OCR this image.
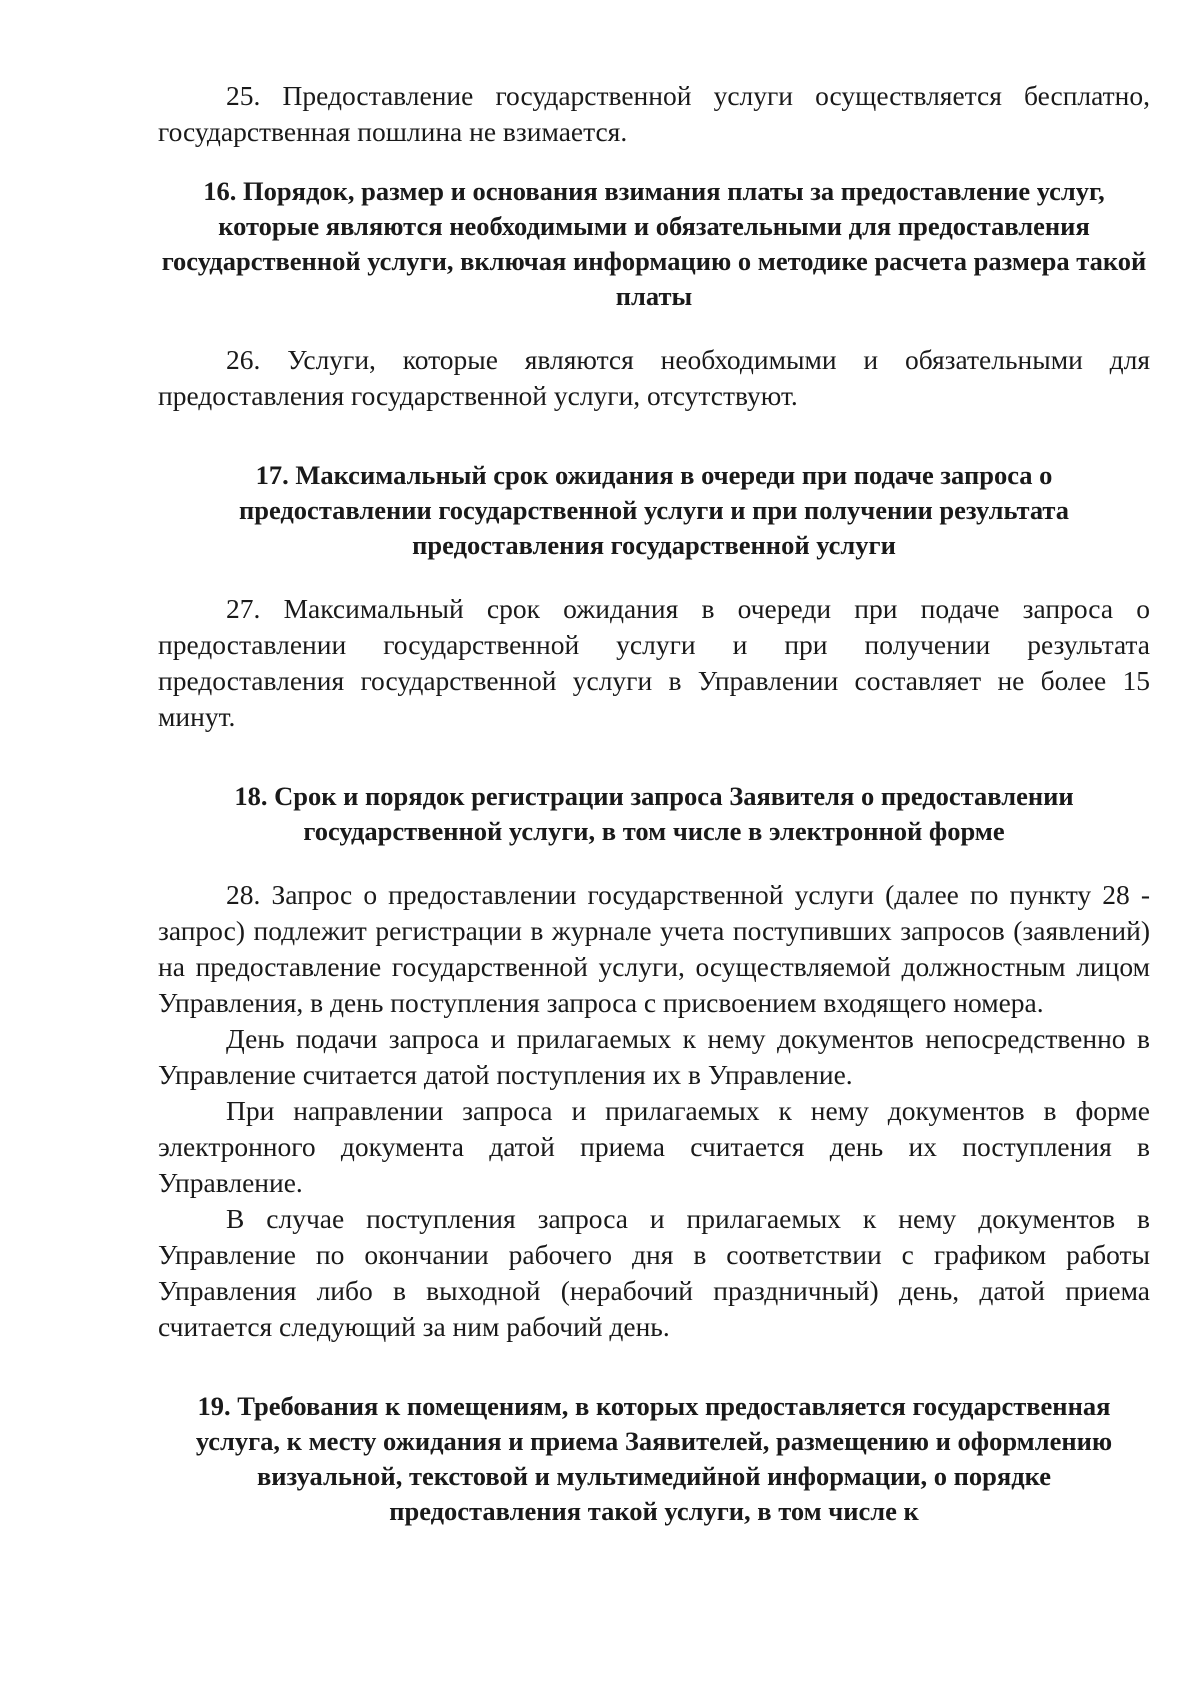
25. Предоставление государственной услуги осуществляется бесплатно, государственная пошлина не взимается.

16. Порядок, размер и основания взимания платы за предоставление услуг, которые являются необходимыми и обязательными для предоставления государственной услуги, включая информацию о методике расчета размера такой платы

26. Услуги, которые являются необходимыми и обязательными для предоставления государственной услуги, отсутствуют.

17. Максимальный срок ожидания в очереди при подаче запроса о предоставлении государственной услуги и при получении результата предоставления государственной услуги

27. Максимальный срок ожидания в очереди при подаче запроса о предоставлении государственной услуги и при получении результата предоставления государственной услуги в Управлении составляет не более 15 минут.

18. Срок и порядок регистрации запроса Заявителя о предоставлении государственной услуги, в том числе в электронной форме

28. Запрос о предоставлении государственной услуги (далее по пункту 28 - запрос) подлежит регистрации в журнале учета поступивших запросов (заявлений) на предоставление государственной услуги, осуществляемой должностным лицом Управления, в день поступления запроса с присвоением входящего номера.

День подачи запроса и прилагаемых к нему документов непосредственно в Управление считается датой поступления их в Управление.

При направлении запроса и прилагаемых к нему документов в форме электронного документа датой приема считается день их поступления в Управление.

В случае поступления запроса и прилагаемых к нему документов в Управление по окончании рабочего дня в соответствии с графиком работы Управления либо в выходной (нерабочий праздничный) день, датой приема считается следующий за ним рабочий день.

19. Требования к помещениям, в которых предоставляется государственная услуга, к месту ожидания и приема Заявителей, размещению и оформлению визуальной, текстовой и мультимедийной информации, о порядке предоставления такой услуги, в том числе к
